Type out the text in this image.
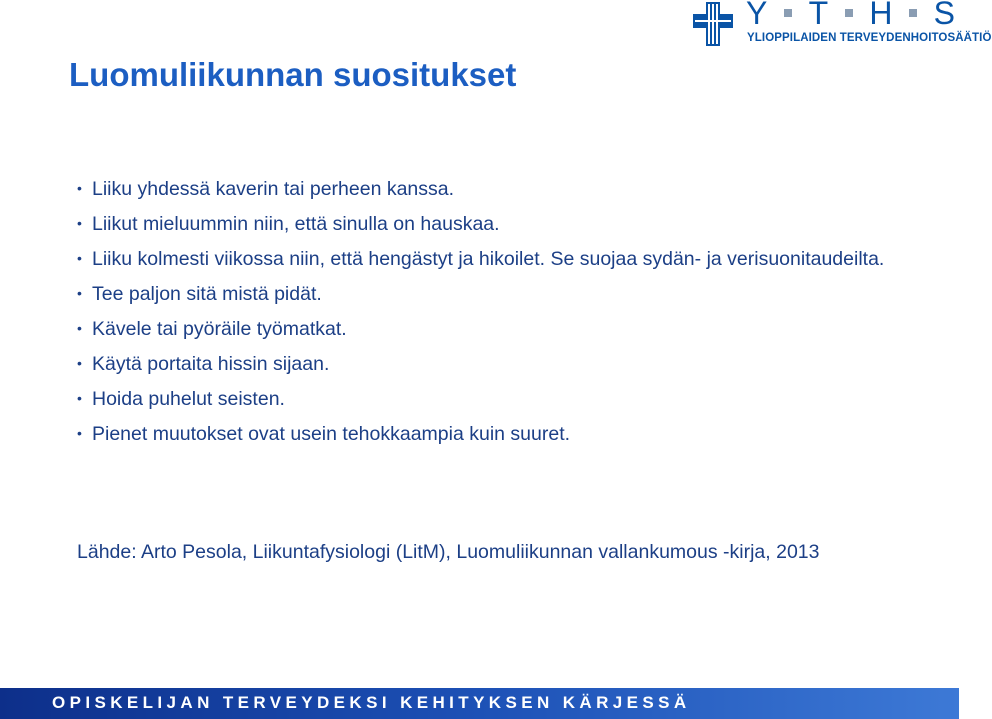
Y T H S
YLIOPPILAIDEN TERVEYDENHOITOSÄÄTIÖ
Luomuliikunnan suositukset
• Liiku yhdessä kaverin tai perheen kanssa.
• Liikut mieluummin niin, että sinulla on hauskaa.
• Liiku kolmesti viikossa niin, että hengästyt ja hikoilet. Se suojaa sydän- ja verisuonitaudeilta.
• Tee paljon sitä mistä pidät.
• Kävele tai pyöräile työmatkat.
• Käytä portaita hissin sijaan.
• Hoida puhelut seisten.
• Pienet muutokset ovat usein tehokkaampia kuin suuret.

Lähde: Arto Pesola, Liikuntafysiologi (LitM), Luomuliikunnan vallankumous -kirja, 2013

OPISKELIJAN TERVEYDEKSI KEHITYKSEN KÄRJESSÄ
